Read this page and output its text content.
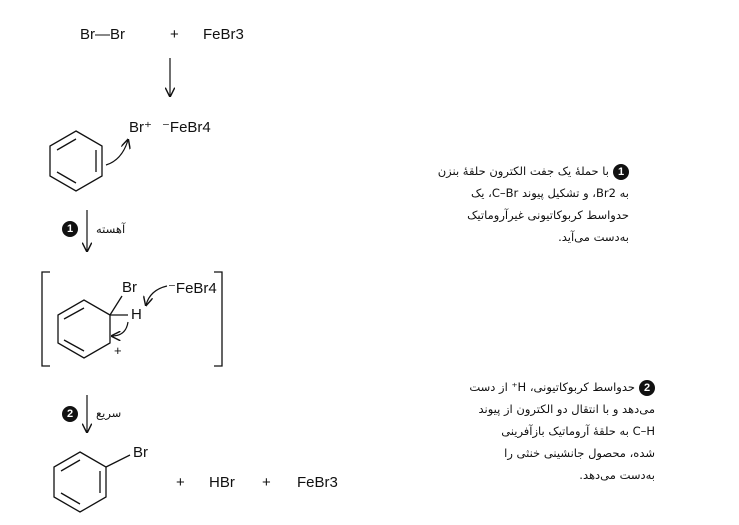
Br—Br	+ FeBr3
Br⁺ ⁻FeBr4
1	آهسته
Br ⁻FeBr4
H
+
2	سریع
Br
+ HBr + FeBr3

1با حملهٔ یک جفت الکترون حلقهٔ بنزن

به Br2، و تشکیل پیوند C–Br، یک

حدواسط کربوکاتیونی غیرآروماتیک

به‌دست می‌آید.

2حدواسط کربوکاتیونی، H⁺ از دست

می‌دهد و با انتقال دو الکترون از پیوند

C–H به حلقهٔ آروماتیک بازآفرینی

شده، محصول جانشینی خنثی را

به‌دست می‌دهد.
